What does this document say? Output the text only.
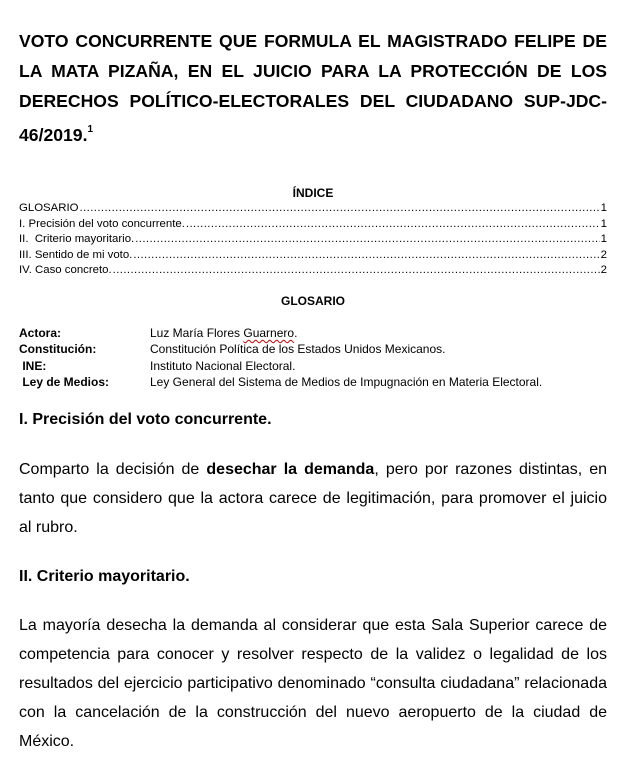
VOTO CONCURRENTE QUE FORMULA EL MAGISTRADO FELIPE DE LA MATA PIZAÑA, EN EL JUICIO PARA LA PROTECCIÓN DE LOS DERECHOS POLÍTICO-ELECTORALES DEL CIUDADANO SUP-JDC-46/2019.$^1$
ÍNDICE
GLOSARIO .....	1
I. Precisión del voto concurrente. .....	1
II.  Criterio mayoritario. .....	1
III. Sentido de mi voto. .....	2
IV. Caso concreto. .....	2
GLOSARIO
Actora:	Luz María Flores Guarnero.
Constitución:	Constitución Política de los Estados Unidos Mexicanos.
INE:	Instituto Nacional Electoral.
Ley de Medios:	Ley General del Sistema de Medios de Impugnación en Materia Electoral.
I. Precisión del voto concurrente.
Comparto la decisión de desechar la demanda, pero por razones distintas, en tanto que considero que la actora carece de legitimación, para promover el juicio al rubro.
II. Criterio mayoritario.
La mayoría desecha la demanda al considerar que esta Sala Superior carece de competencia para conocer y resolver respecto de la validez o legalidad de los resultados del ejercicio participativo denominado “consulta ciudadana” relacionada con la cancelación de la construcción del nuevo aeropuerto de la ciudad de México.
